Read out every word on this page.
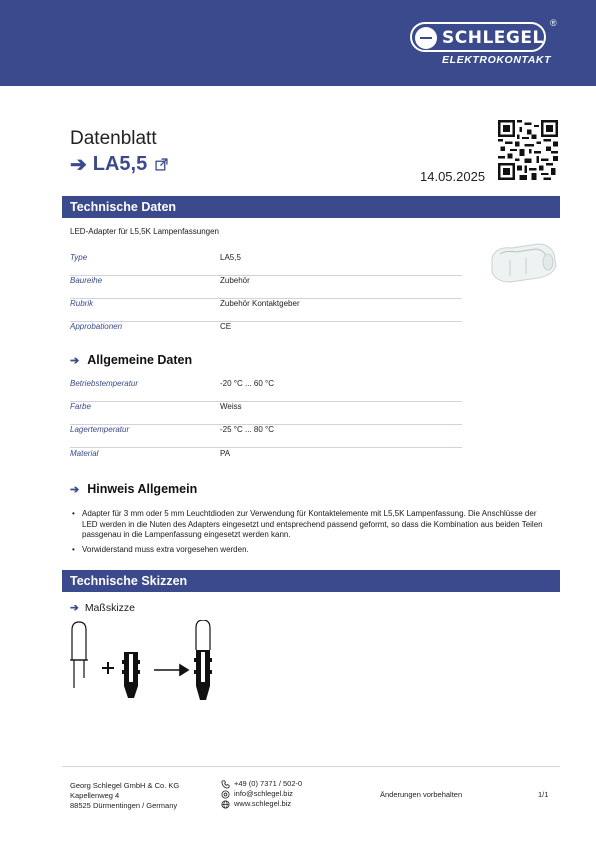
SCHLEGEL
®
ELEKTROKONTAKT
Datenblatt
➔ LA5,5
14.05.2025
Technische Daten
LED-Adapter für L5,5K Lampenfassungen
Type	LA5,5
Baureihe	Zubehör
Rubrik	Zubehör Kontaktgeber
Approbationen	CE
➔ Allgemeine Daten
Betriebstemperatur	-20 °C ... 60 °C
Farbe	Weiss
Lagertemperatur	-25 °C ... 80 °C
Material	PA
➔ Hinweis Allgemein
• Adapter für 3 mm oder 5 mm Leuchtdioden zur Verwendung für Kontaktelemente mit L5,5K Lampenfassung. Die Anschlüsse der LED werden in die Nuten des Adapters eingesetzt und entsprechend passend geformt, so dass die Kombination aus beiden Teilen passgenau in die Lampenfassung eingesetzt werden kann.
• Vorwiderstand muss extra vorgesehen werden.
Technische Skizzen
➔ Maßskizze
Georg Schlegel GmbH & Co. KG
Kapellenweg 4
88525 Dürmentingen / Germany
+49 (0) 7371 / 502-0
info@schlegel.biz
www.schlegel.biz
Änderungen vorbehalten	1/1
